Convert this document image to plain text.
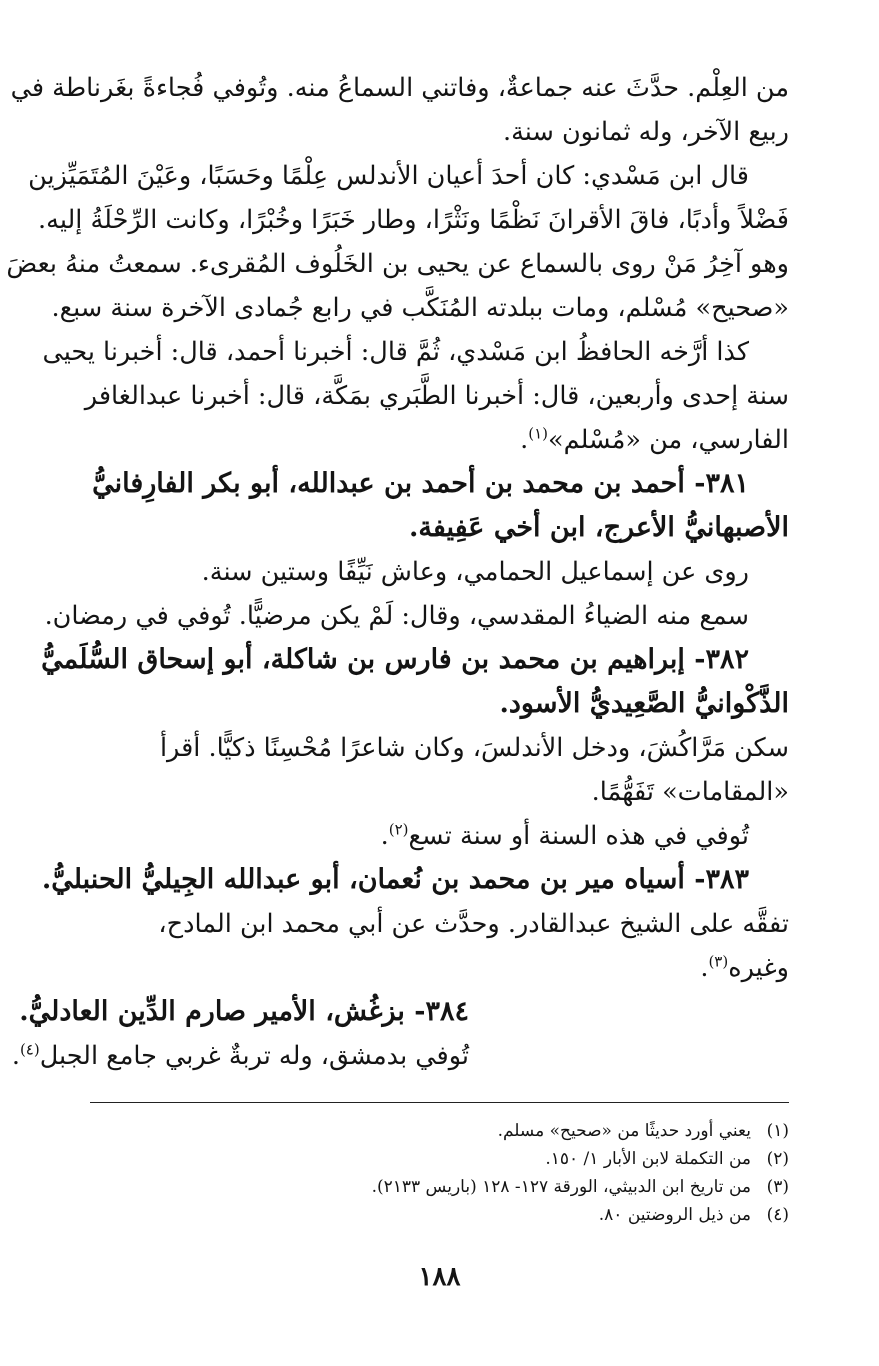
من العِلْم. حدَّثَ عنه جماعةٌ، وفاتني السماعُ منه. وتُوفي فُجاءةً بغَرناطة في

ربيع الآخر، وله ثمانون سنة.

قال ابن مَسْدي: كان أحدَ أعيان الأندلس عِلْمًا وحَسَبًا، وعَيْنَ المُتَمَيِّزين

فَضْلاً وأدبًا، فاقَ الأقرانَ نَظْمًا ونَثْرًا، وطار خَبَرًا وخُبْرًا، وكانت الرِّحْلَةُ إليه.

وهو آخِرُ مَنْ روى بالسماع عن يحيى بن الخَلُوف المُقرىء. سمعتُ منهُ بعضَ

«صحيح» مُسْلم، ومات ببلدته المُنَكَّب في رابع جُمادى الآخرة سنة سبع.

كذا أرَّخه الحافظُ ابن مَسْدي، ثُمَّ قال: أخبرنا أحمد، قال: أخبرنا يحيى

سنة إحدى وأربعين، قال: أخبرنا الطَّبَري بمَكَّة، قال: أخبرنا عبدالغافر

الفارسي، من «مُسْلم»$^{(١)}$.

٣٨١- أحمد بن محمد بن أحمد بن عبدالله، أبو بكر الفارِفانيُّ

الأصبهانيُّ الأعرج، ابن أخي عَفِيفة.

روى عن إسماعيل الحمامي، وعاش نَيِّفًا وستين سنة.

سمع منه الضياءُ المقدسي، وقال: لَمْ يكن مرضيًّا. تُوفي في رمضان.

٣٨٢- إبراهيم بن محمد بن فارس بن شاكلة، أبو إسحاق السُّلَميُّ

الذَّكْوانيُّ الصَّعِيديُّ الأسود.

سكن مَرَّاكُشَ، ودخل الأندلسَ، وكان شاعرًا مُحْسِنًا ذكيًّا. أقرأ

«المقامات» تَفَهُّمًا.

تُوفي في هذه السنة أو سنة تسع$^{(٢)}$.

٣٨٣- أسياه مير بن محمد بن نُعمان، أبو عبدالله الجِيليُّ الحنبليُّ.

تفقَّه على الشيخ عبدالقادر. وحدَّث عن أبي محمد ابن المادح،

وغيره$^{(٣)}$.

٣٨٤- بزغُش، الأمير صارم الدِّين العادليُّ.

تُوفي بدمشق، وله تربةٌ غربي جامع الجبل$^{(٤)}$.

(١)يعني أورد حديثًا من «صحيح» مسلم.

(٢)من التكملة لابن الأبار ١/ ١٥٠.

(٣)من تاريخ ابن الدبيثي، الورقة ١٢٧- ١٢٨ (باريس ٢١٣٣).

(٤)من ذيل الروضتين ٨٠.

١٨٨
